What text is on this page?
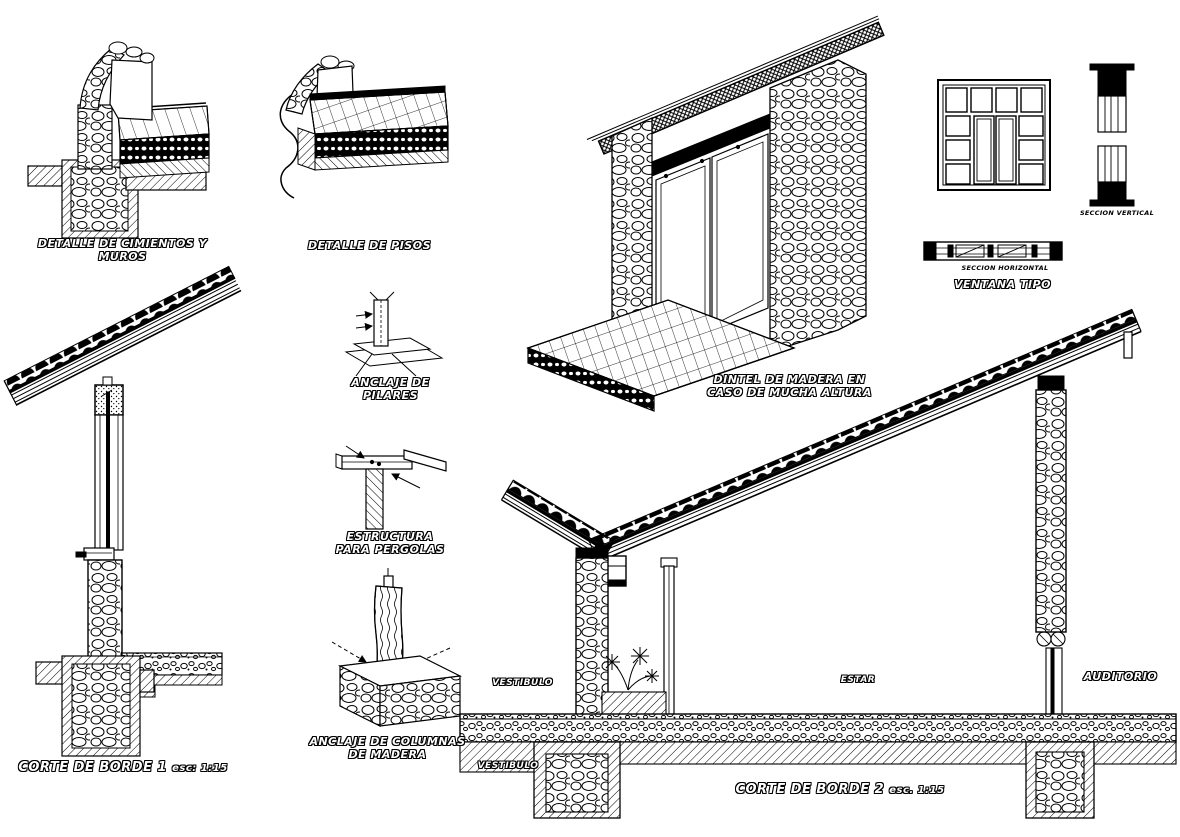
DETALLE DE CIMIENTOS Y
MUROS
DETALLE DE PISOS
CORTE DE BORDE 1 esc: 1:15
ANCLAJE DE
PILARES
ESTRUCTURA
PARA PERGOLAS
ANCLAJE DE COLUMNAS
DE MADERA
DINTEL DE MADERA EN
CASO DE MUCHA ALTURA
SECCION HORIZONTAL
VENTANA TIPO
SECCION VERTICAL
VESTIBULO	ESTAR	AUDITORIO
VESTIBULO
CORTE DE BORDE 2 esc. 1:15
